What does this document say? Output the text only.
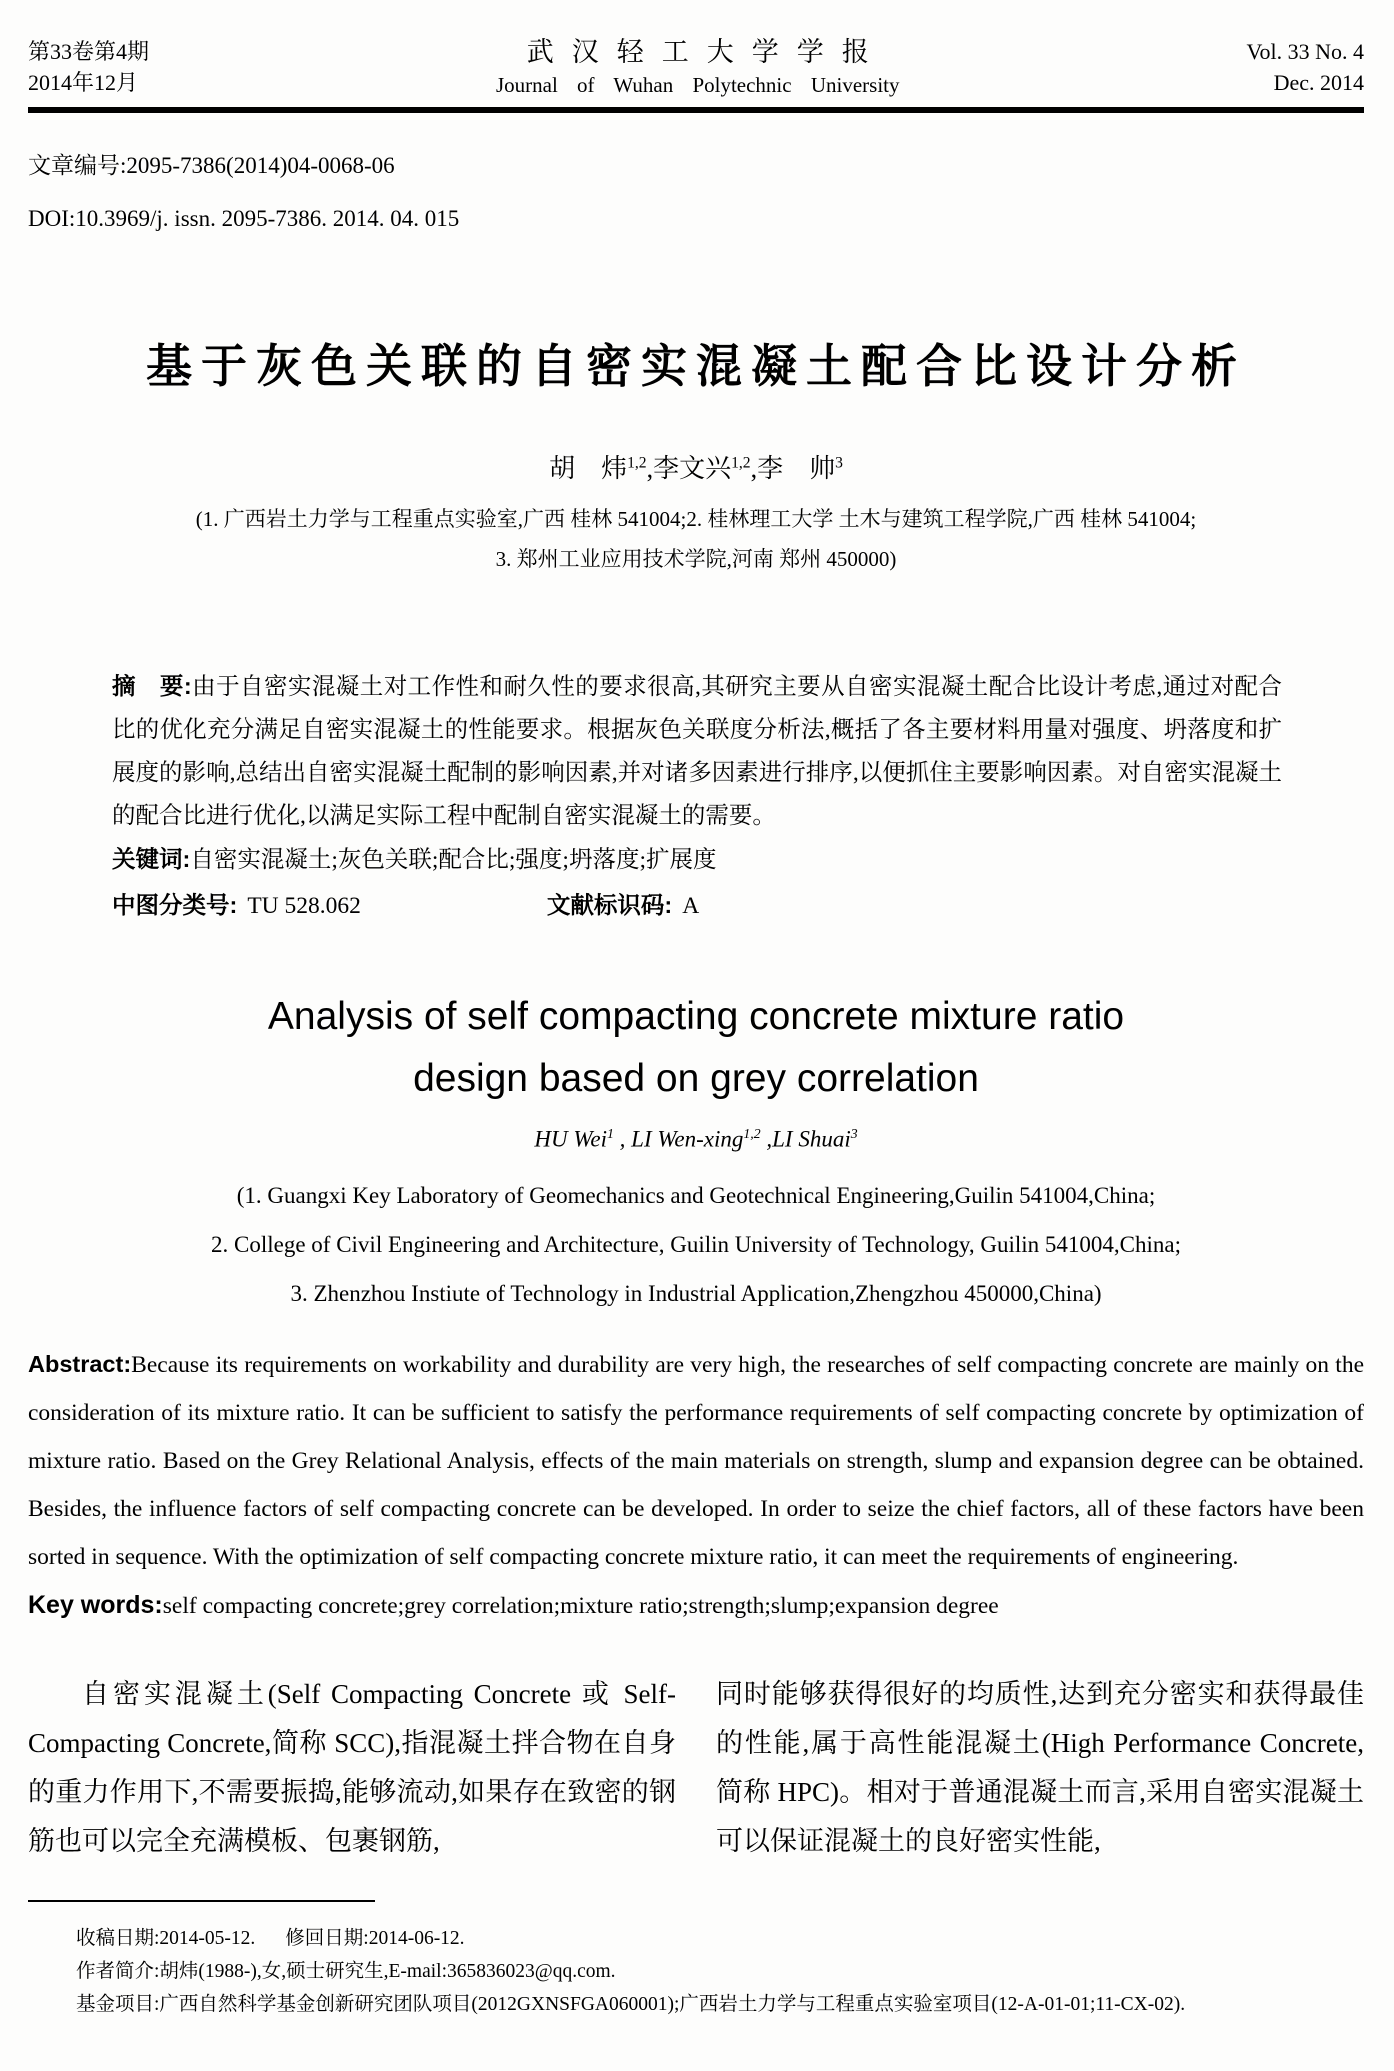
第33卷第4期
2014年12月
武汉轻工大学学报
Journal of Wuhan Polytechnic University
Vol. 33 No. 4
Dec. 2014
文章编号:2095-7386(2014)04-0068-06
DOI:10.3969/j. issn. 2095-7386. 2014. 04. 015
基于灰色关联的自密实混凝土配合比设计分析
胡　炜$^{1,2}$,李文兴$^{1,2}$,李　帅$^3$
(1. 广西岩土力学与工程重点实验室,广西 桂林 541004;2. 桂林理工大学 土木与建筑工程学院,广西 桂林 541004;
3. 郑州工业应用技术学院,河南 郑州 450000)

摘　要:由于自密实混凝土对工作性和耐久性的要求很高,其研究主要从自密实混凝土配合比设计考虑,通过对配合比的优化充分满足自密实混凝土的性能要求。根据灰色关联度分析法,概括了各主要材料用量对强度、坍落度和扩展度的影响,总结出自密实混凝土配制的影响因素,并对诸多因素进行排序,以便抓住主要影响因素。对自密实混凝土的配合比进行优化,以满足实际工程中配制自密实混凝土的需要。

关键词:自密实混凝土;灰色关联;配合比;强度;坍落度;扩展度

中图分类号: TU 528.062	文献标识码: A

Analysis of self compacting concrete mixture ratio
design based on grey correlation
HU Wei$^1$ , LI Wen-xing$^{1,2}$ ,LI Shuai$^3$
(1. Guangxi Key Laboratory of Geomechanics and Geotechnical Engineering,Guilin 541004,China;
2. College of Civil Engineering and Architecture, Guilin University of Technology, Guilin 541004,China;
3. Zhenzhou Instiute of Technology in Industrial Application,Zhengzhou 450000,China)

Abstract:Because its requirements on workability and durability are very high, the researches of self compacting concrete are mainly on the consideration of its mixture ratio. It can be sufficient to satisfy the performance requirements of self compacting concrete by optimization of mixture ratio. Based on the Grey Relational Analysis, effects of the main materials on strength, slump and expansion degree can be obtained. Besides, the influence factors of self compacting concrete can be developed. In order to seize the chief factors, all of these factors have been sorted in sequence. With the optimization of self compacting concrete mixture ratio, it can meet the requirements of engineering.

Key words:self compacting concrete;grey correlation;mixture ratio;strength;slump;expansion degree

自密实混凝土(Self Compacting Concrete 或 Self-Compacting Concrete,简称 SCC),指混凝土拌合物在自身的重力作用下,不需要振捣,能够流动,如果存在致密的钢筋也可以完全充满模板、包裹钢筋,

同时能够获得很好的均质性,达到充分密实和获得最佳的性能,属于高性能混凝土(High Performance Concrete,简称 HPC)。相对于普通混凝土而言,采用自密实混凝土可以保证混凝土的良好密实性能,

收稿日期:2014-05-12. 修回日期:2014-06-12.
作者简介:胡炜(1988-),女,硕士研究生,E-mail:365836023@qq.com.
基金项目:广西自然科学基金创新研究团队项目(2012GXNSFGA060001);广西岩土力学与工程重点实验室项目(12-A-01-01;11-CX-02).
